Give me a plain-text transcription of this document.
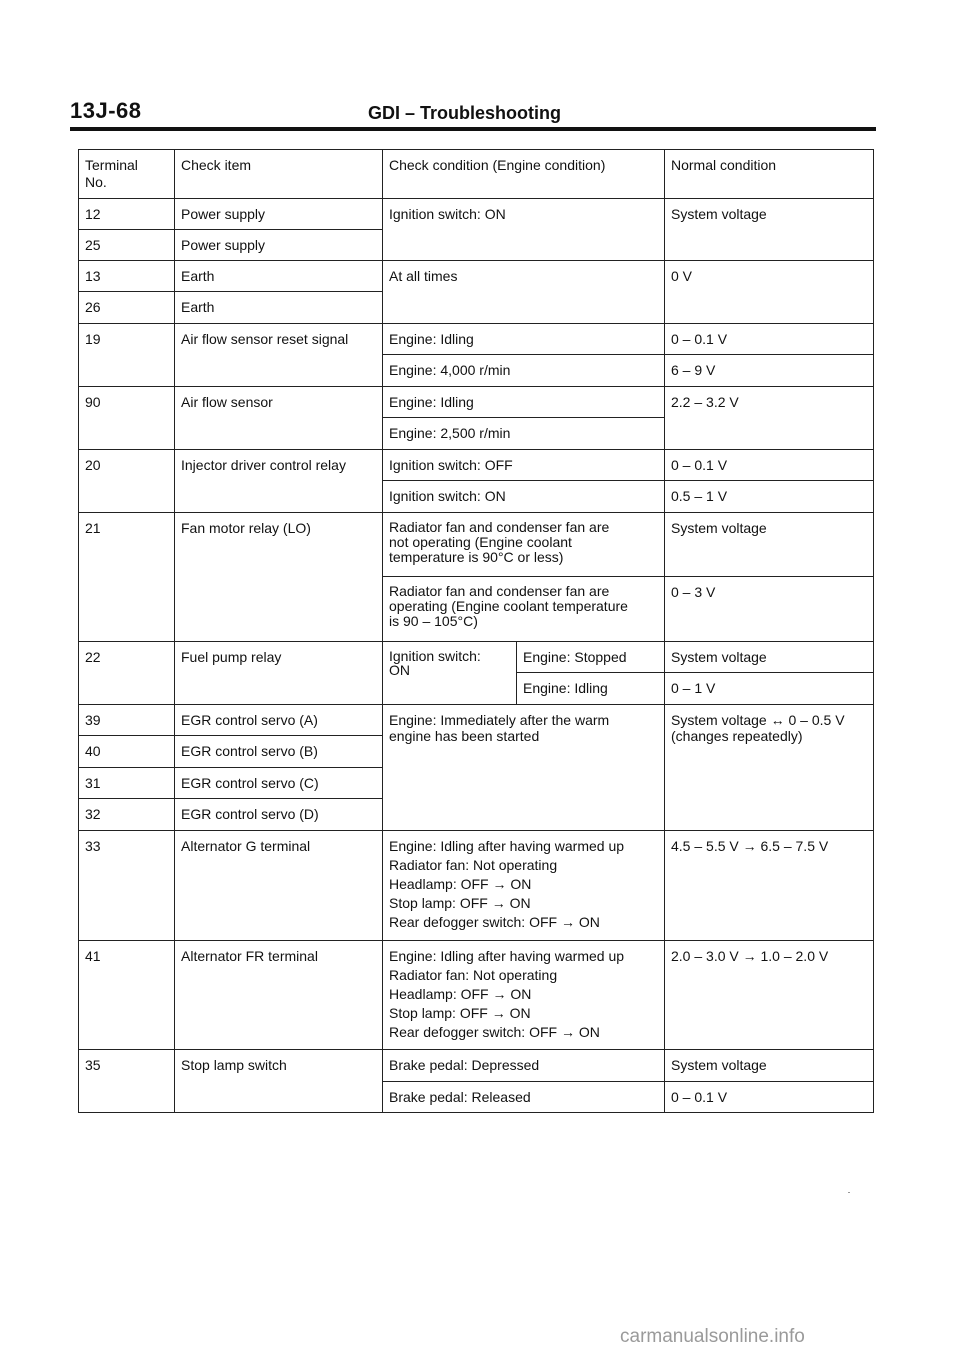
13J-68	GDI – Troubleshooting
Terminal
No.	Check item	Check condition (Engine condition)		Normal condition
12	Power supply	Ignition switch: ON		System voltage
25	Power supply			
13	Earth	At all times		0 V
26	Earth			
19	Air flow sensor reset signal	Engine: Idling		0 – 0.1 V
		Engine: 4,000 r/min		6 – 9 V
90	Air flow sensor	Engine: Idling		2.2 – 3.2 V
		Engine: 2,500 r/min		
20	Injector driver control relay	Ignition switch: OFF		0 – 0.1 V
		Ignition switch: ON		0.5 – 1 V
21	Fan motor relay (LO)	Radiator fan and condenser fan are
not operating (Engine coolant
temperature is 90°C or less)		System voltage
		Radiator fan and condenser fan are
operating (Engine coolant temperature
is 90 – 105°C)		0 – 3 V
22	Fuel pump relay	Ignition switch:
ON	Engine: Stopped	System voltage
			Engine: Idling	0 – 1 V
39	EGR control servo (A)	Engine: Immediately after the warm
engine has been started		System voltage ↔ 0 – 0.5 V
(changes repeatedly)
40	EGR control servo (B)			
31	EGR control servo (C)			
32	EGR control servo (D)			
33	Alternator G terminal	Engine: Idling after having warmed up
Radiator fan: Not operating
Headlamp: OFF → ON
Stop lamp: OFF → ON
Rear defogger switch: OFF → ON		4.5 – 5.5 V → 6.5 – 7.5 V
41	Alternator FR terminal	Engine: Idling after having warmed up
Radiator fan: Not operating
Headlamp: OFF → ON
Stop lamp: OFF → ON
Rear defogger switch: OFF → ON		2.0 – 3.0 V → 1.0 – 2.0 V
35	Stop lamp switch	Brake pedal: Depressed		System voltage
		Brake pedal: Released		0 – 0.1 V
carmanualsonline.info
